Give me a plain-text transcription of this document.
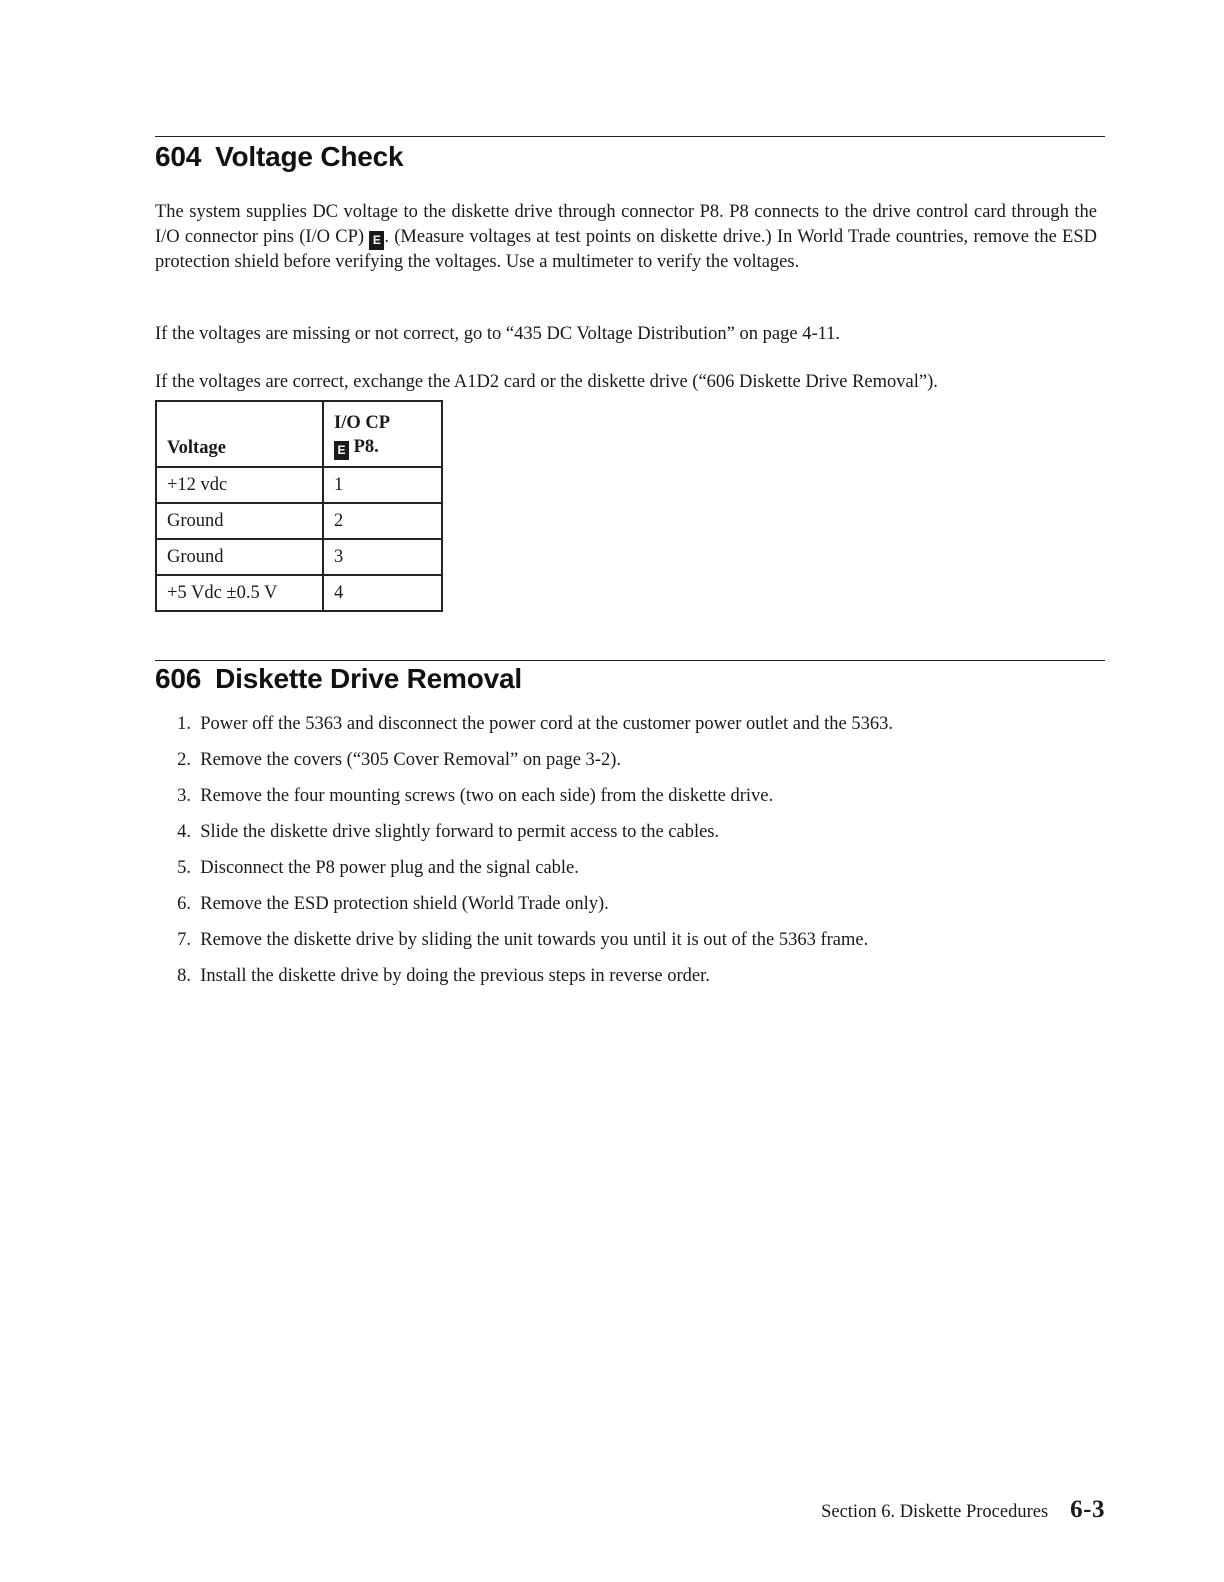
604 Voltage Check

The system supplies DC voltage to the diskette drive through connector P8. P8 connects to the drive control card through the I/O connector pins (I/O CP) E . (Measure voltages at test points on diskette drive.) In World Trade countries, remove the ESD protection shield before verifying the voltages. Use a multimeter to verify the voltages.

If the voltages are missing or not correct, go to “435 DC Voltage Distribution” on page 4-11.

If the voltages are correct, exchange the A1D2 card or the diskette drive (“606 Diskette Drive Removal”).

Voltage	I/O CP
E P8.
+12 vdc	1
Ground	2
Ground	3
+5 Vdc ±0.5 V	4
606 Diskette Drive Removal
1.
Power off the 5363 and disconnect the power cord at the customer power outlet and the 5363.
2.
Remove the covers (“305 Cover Removal” on page 3-2).
3.
Remove the four mounting screws (two on each side) from the diskette drive.
4.
Slide the diskette drive slightly forward to permit access to the cables.
5.
Disconnect the P8 power plug and the signal cable.
6.
Remove the ESD protection shield (World Trade only).
7.
Remove the diskette drive by sliding the unit towards you until it is out of the 5363 frame.
8.
Install the diskette drive by doing the previous steps in reverse order.
Section 6. Diskette Procedures 6-3
